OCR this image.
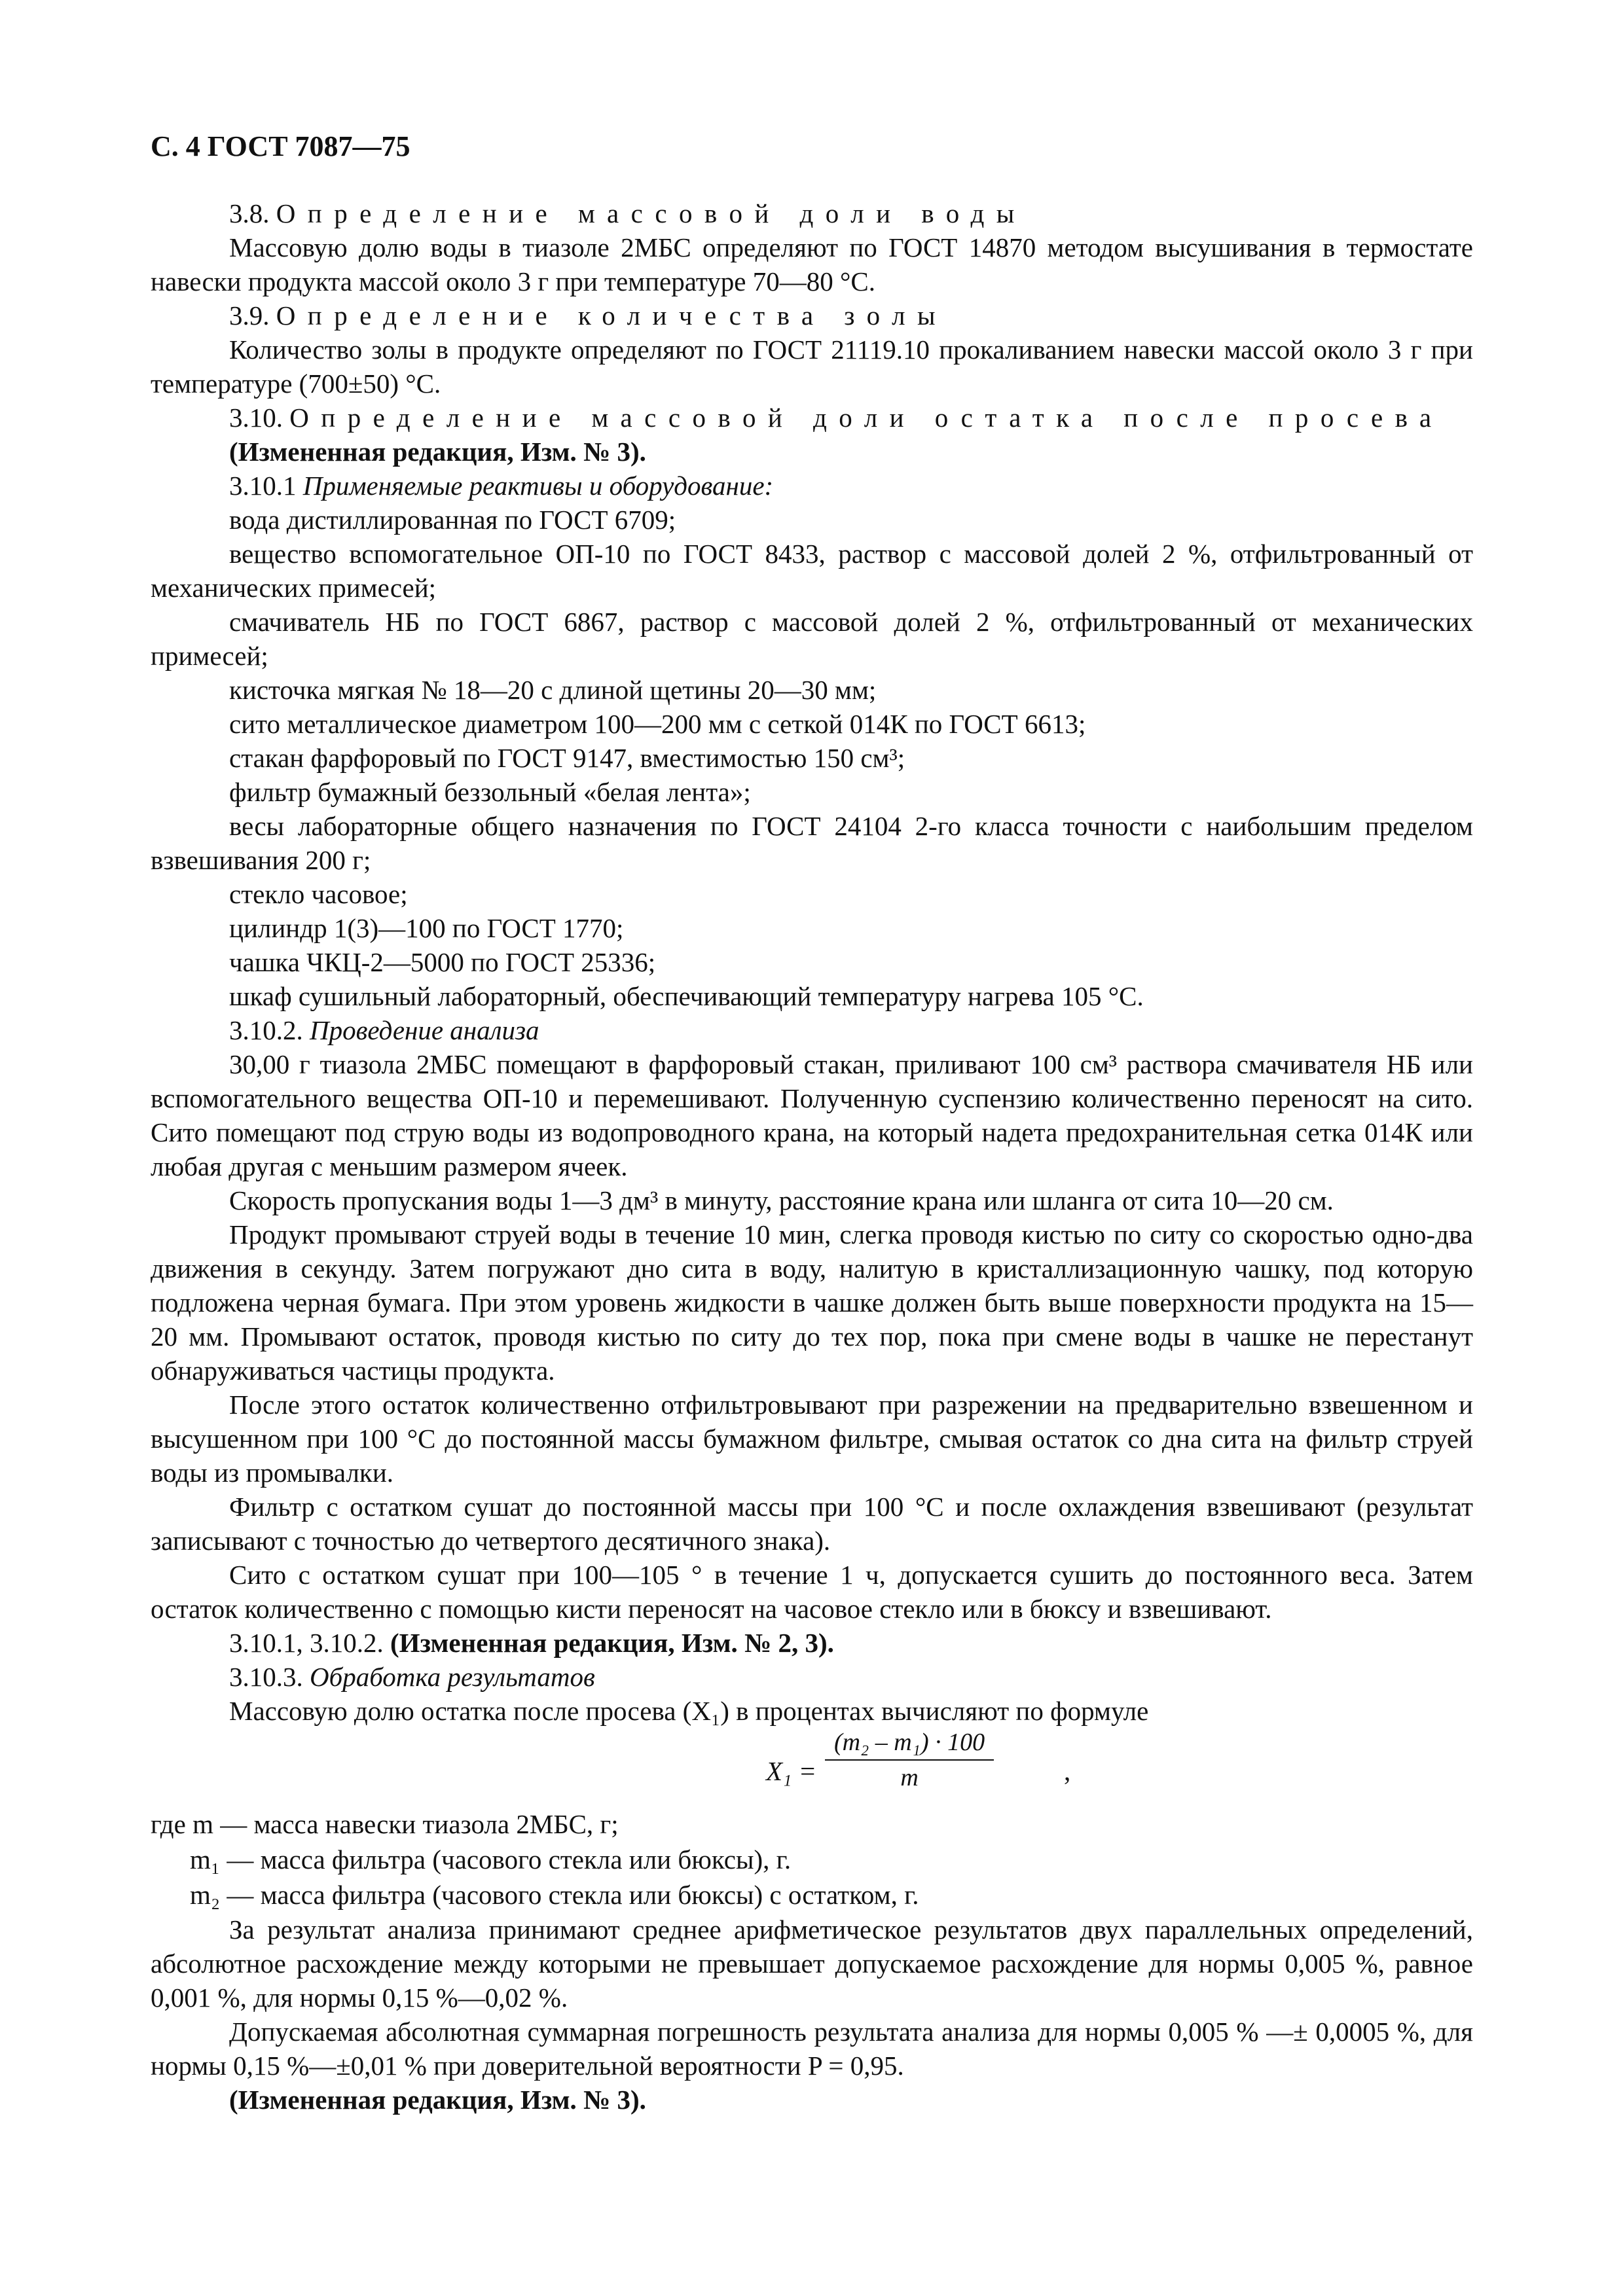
С. 4 ГОСТ 7087—75

3.8. Определение массовой доли воды

Массовую долю воды в тиазоле 2МБС определяют по ГОСТ 14870 методом высушивания в термостате навески продукта массой около 3 г при температуре 70—80 °С.

3.9. Определение количества золы

Количество золы в продукте определяют по ГОСТ 21119.10 прокаливанием навески массой около 3 г при температуре (700±50) °С.

3.10. Определение массовой доли остатка после просева

(Измененная редакция, Изм. № 3).

3.10.1 Применяемые реактивы и оборудование:

вода дистиллированная по ГОСТ 6709;

вещество вспомогательное ОП-10 по ГОСТ 8433, раствор с массовой долей 2 %, отфильтрованный от механических примесей;

смачиватель НБ по ГОСТ 6867, раствор с массовой долей 2 %, отфильтрованный от механических примесей;

кисточка мягкая № 18—20 с длиной щетины 20—30 мм;

сито металлическое диаметром 100—200 мм с сеткой 014К по ГОСТ 6613;

стакан фарфоровый по ГОСТ 9147, вместимостью 150 см³;

фильтр бумажный беззольный «белая лента»;

весы лабораторные общего назначения по ГОСТ 24104 2-го класса точности с наибольшим пределом взвешивания 200 г;

стекло часовое;

цилиндр 1(3)—100 по ГОСТ 1770;

чашка ЧКЦ-2—5000 по ГОСТ 25336;

шкаф сушильный лабораторный, обеспечивающий температуру нагрева 105 °С.

3.10.2. Проведение анализа

30,00 г тиазола 2МБС помещают в фарфоровый стакан, приливают 100 см³ раствора смачивателя НБ или вспомогательного вещества ОП-10 и перемешивают. Полученную суспензию количественно переносят на сито. Сито помещают под струю воды из водопроводного крана, на который надета предохранительная сетка 014К или любая другая с меньшим размером ячеек.

Скорость пропускания воды 1—3 дм³ в минуту, расстояние крана или шланга от сита 10—20 см.

Продукт промывают струей воды в течение 10 мин, слегка проводя кистью по ситу со скоростью одно-два движения в секунду. Затем погружают дно сита в воду, налитую в кристаллизационную чашку, под которую подложена черная бумага. При этом уровень жидкости в чашке должен быть выше поверхности продукта на 15—20 мм. Промывают остаток, проводя кистью по ситу до тех пор, пока при смене воды в чашке не перестанут обнаруживаться частицы продукта.

После этого остаток количественно отфильтровывают при разрежении на предварительно взвешенном и высушенном при 100 °С до постоянной массы бумажном фильтре, смывая остаток со дна сита на фильтр струей воды из промывалки.

Фильтр с остатком сушат до постоянной массы при 100 °С и после охлаждения взвешивают (результат записывают с точностью до четвертого десятичного знака).

Сито с остатком сушат при 100—105 ° в течение 1 ч, допускается сушить до постоянного веса. Затем остаток количественно с помощью кисти переносят на часовое стекло или в бюксу и взвешивают.

3.10.1, 3.10.2. (Измененная редакция, Изм. № 2, 3).

3.10.3. Обработка результатов

Массовую долю остатка после просева (X₁) в процентах вычисляют по формуле

$X_1 = \frac{\text{(m₂ – m₁) · 100}}{m}$	,

где m — масса навески тиазола 2МБС, г;

m₁ — масса фильтра (часового стекла или бюксы), г.

m₂ — масса фильтра (часового стекла или бюксы) с остатком, г.

За результат анализа принимают среднее арифметическое результатов двух параллельных определений, абсолютное расхождение между которыми не превышает допускаемое расхождение для нормы 0,005 %, равное 0,001 %, для нормы 0,15 %—0,02 %.

Допускаемая абсолютная суммарная погрешность результата анализа для нормы 0,005 % —± 0,0005 %, для нормы 0,15 %—±0,01 % при доверительной вероятности P = 0,95.

(Измененная редакция, Изм. № 3).
